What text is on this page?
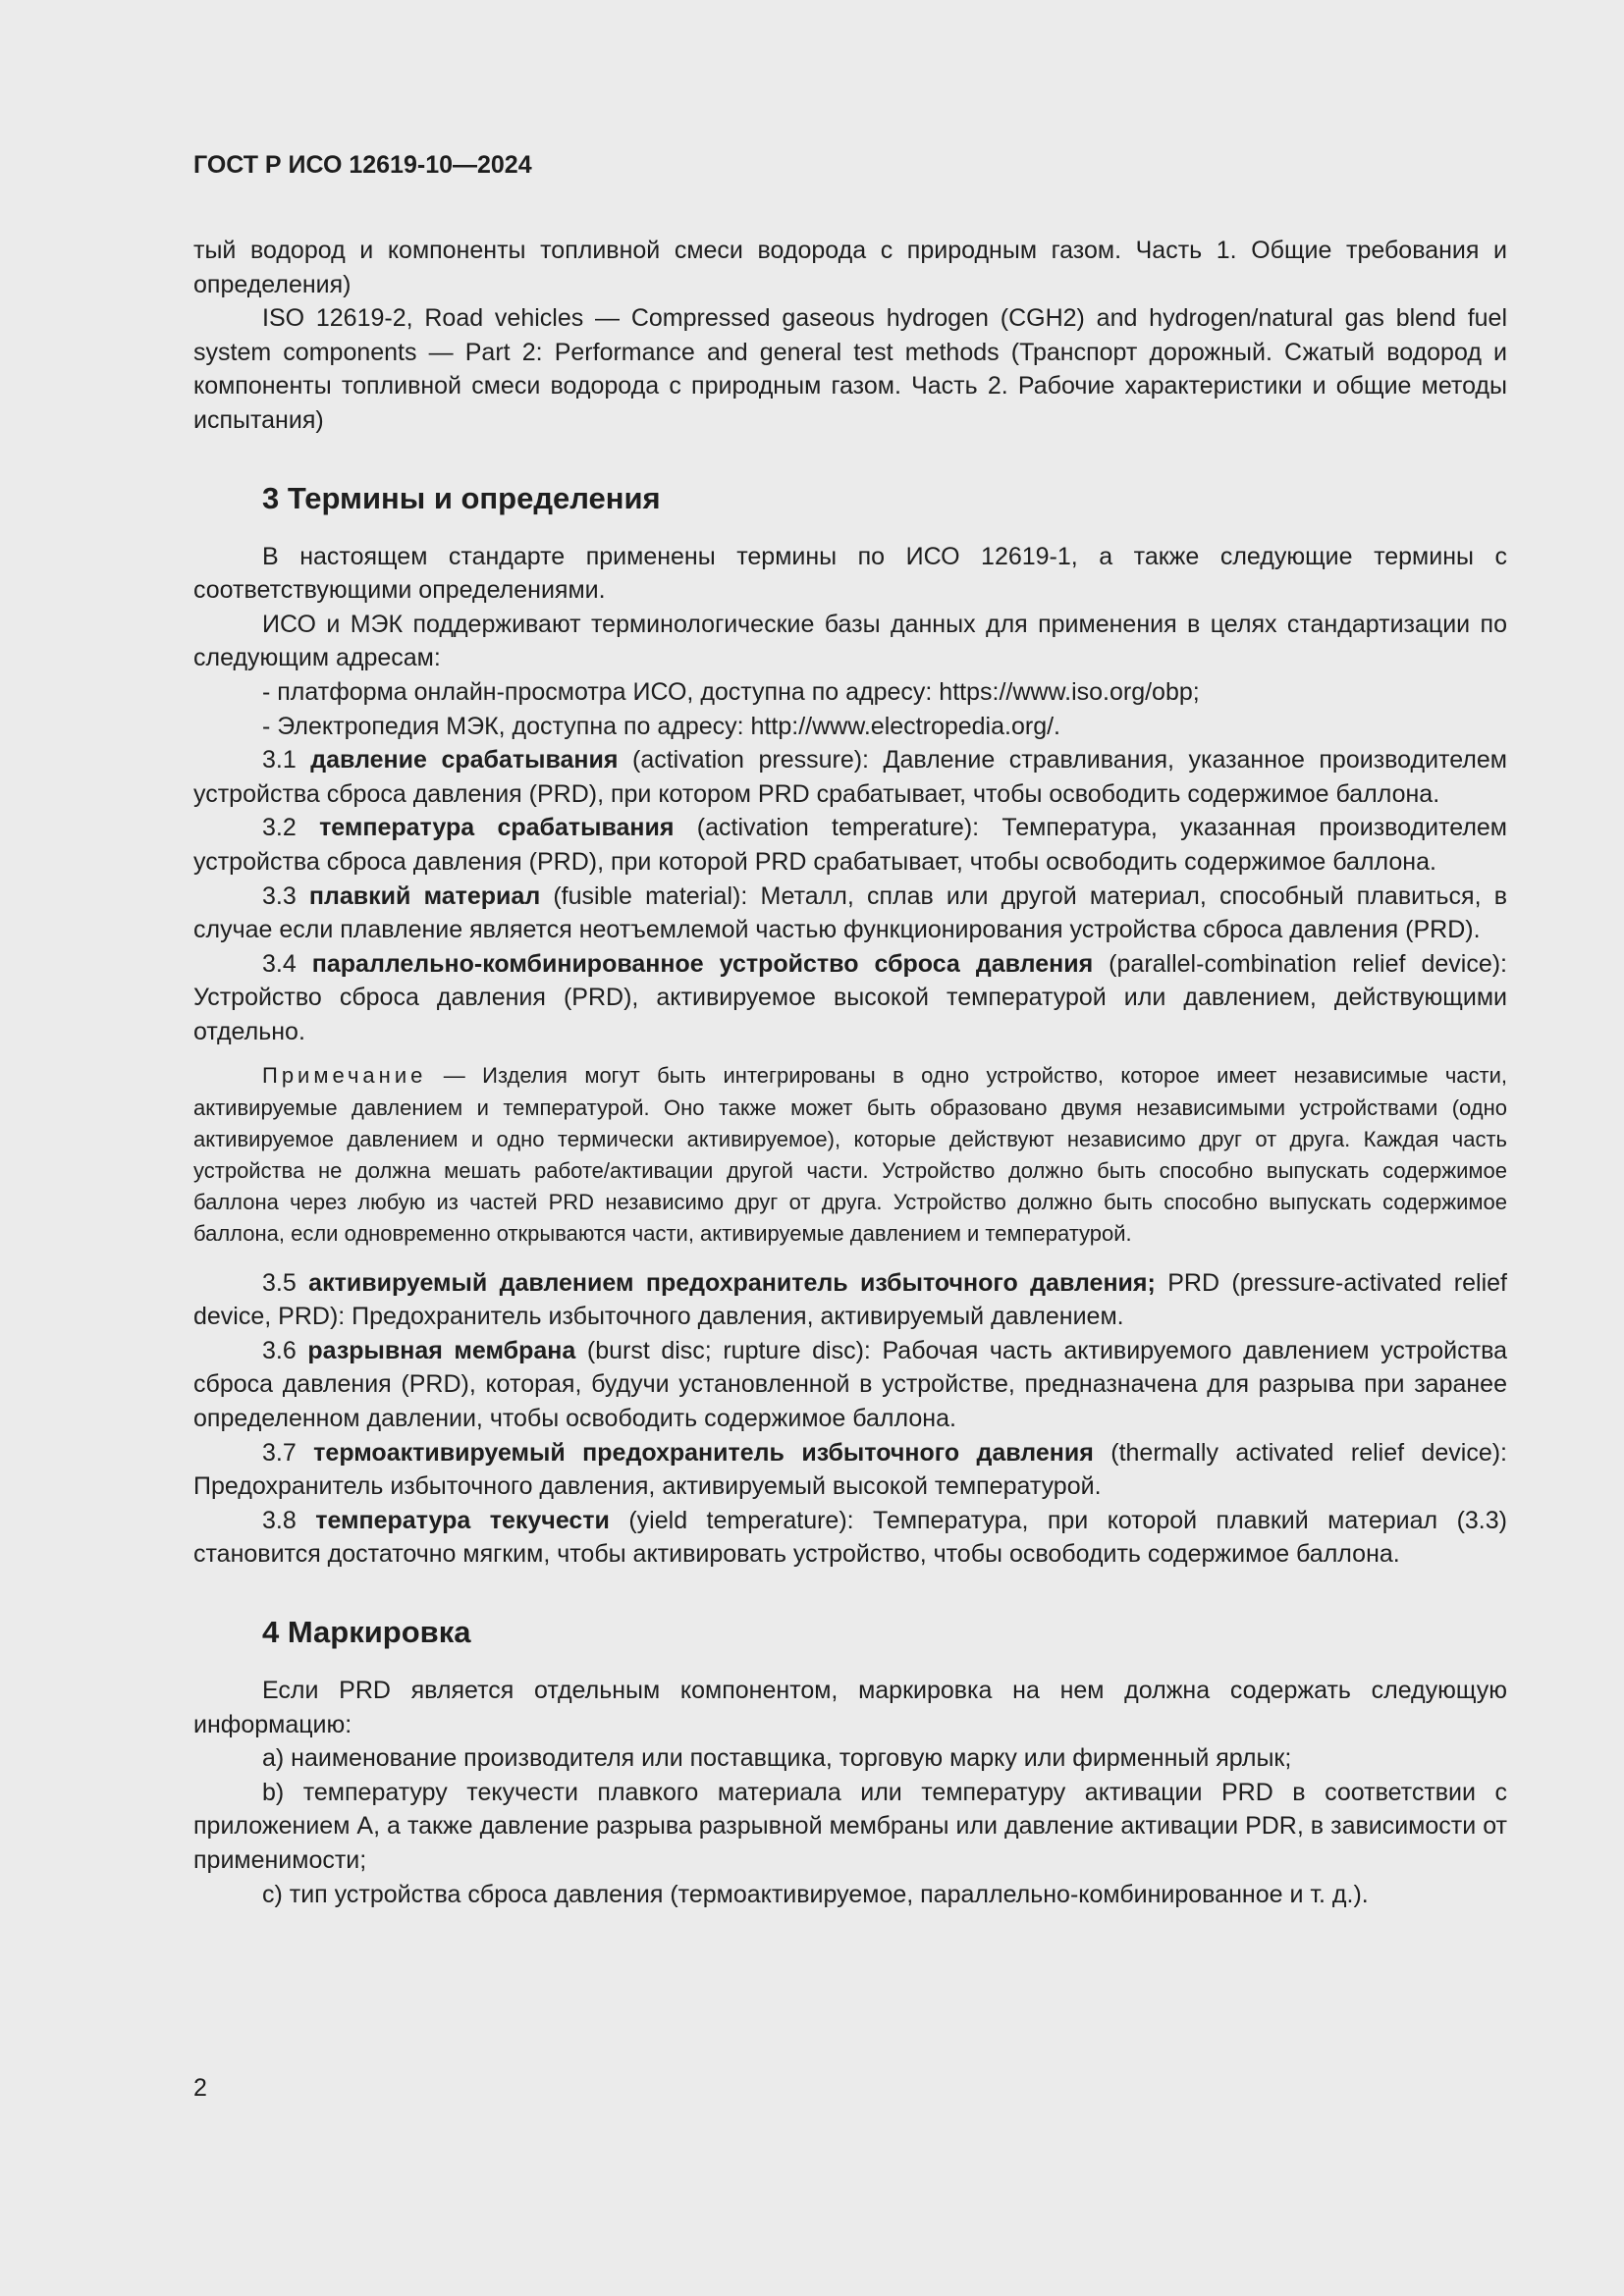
ГОСТ Р ИСО 12619-10—2024

тый водород и компоненты топливной смеси водорода с природным газом. Часть 1. Общие требования и определения)

ISO 12619-2, Road vehicles — Compressed gaseous hydrogen (CGH2) and hydrogen/natural gas blend fuel system components — Part 2: Performance and general test methods (Транспорт дорожный. Сжатый водород и компоненты топливной смеси водорода с природным газом. Часть 2. Рабочие характеристики и общие методы испытания)

3 Термины и определения

В настоящем стандарте применены термины по ИСО 12619-1, а также следующие термины с соответствующими определениями.

ИСО и МЭК поддерживают терминологические базы данных для применения в целях стандартизации по следующим адресам:

- платформа онлайн-просмотра ИСО, доступна по адресу: https://www.iso.org/obp;

- Электропедия МЭК, доступна по адресу: http://www.electropedia.org/.

3.1 давление срабатывания (activation pressure): Давление стравливания, указанное производителем устройства сброса давления (PRD), при котором PRD срабатывает, чтобы освободить содержимое баллона.

3.2 температура срабатывания (activation temperature): Температура, указанная производителем устройства сброса давления (PRD), при которой PRD срабатывает, чтобы освободить содержимое баллона.

3.3 плавкий материал (fusible material): Металл, сплав или другой материал, способный плавиться, в случае если плавление является неотъемлемой частью функционирования устройства сброса давления (PRD).

3.4 параллельно-комбинированное устройство сброса давления (parallel-combination relief device): Устройство сброса давления (PRD), активируемое высокой температурой или давлением, действующими отдельно.

Примечание — Изделия могут быть интегрированы в одно устройство, которое имеет независимые части, активируемые давлением и температурой. Оно также может быть образовано двумя независимыми устройствами (одно активируемое давлением и одно термически активируемое), которые действуют независимо друг от друга. Каждая часть устройства не должна мешать работе/активации другой части. Устройство должно быть способно выпускать содержимое баллона через любую из частей PRD независимо друг от друга. Устройство должно быть способно выпускать содержимое баллона, если одновременно открываются части, активируемые давлением и температурой.

3.5 активируемый давлением предохранитель избыточного давления; PRD (pressure-activated relief device, PRD): Предохранитель избыточного давления, активируемый давлением.

3.6 разрывная мембрана (burst disc; rupture disc): Рабочая часть активируемого давлением устройства сброса давления (PRD), которая, будучи установленной в устройстве, предназначена для разрыва при заранее определенном давлении, чтобы освободить содержимое баллона.

3.7 термоактивируемый предохранитель избыточного давления (thermally activated relief device): Предохранитель избыточного давления, активируемый высокой температурой.

3.8 температура текучести (yield temperature): Температура, при которой плавкий материал (3.3) становится достаточно мягким, чтобы активировать устройство, чтобы освободить содержимое баллона.

4 Маркировка

Если PRD является отдельным компонентом, маркировка на нем должна содержать следующую информацию:

a) наименование производителя или поставщика, торговую марку или фирменный ярлык;

b) температуру текучести плавкого материала или температуру активации PRD в соответствии с приложением А, а также давление разрыва разрывной мембраны или давление активации PDR, в зависимости от применимости;

c) тип устройства сброса давления (термоактивируемое, параллельно-комбинированное и т. д.).

2
